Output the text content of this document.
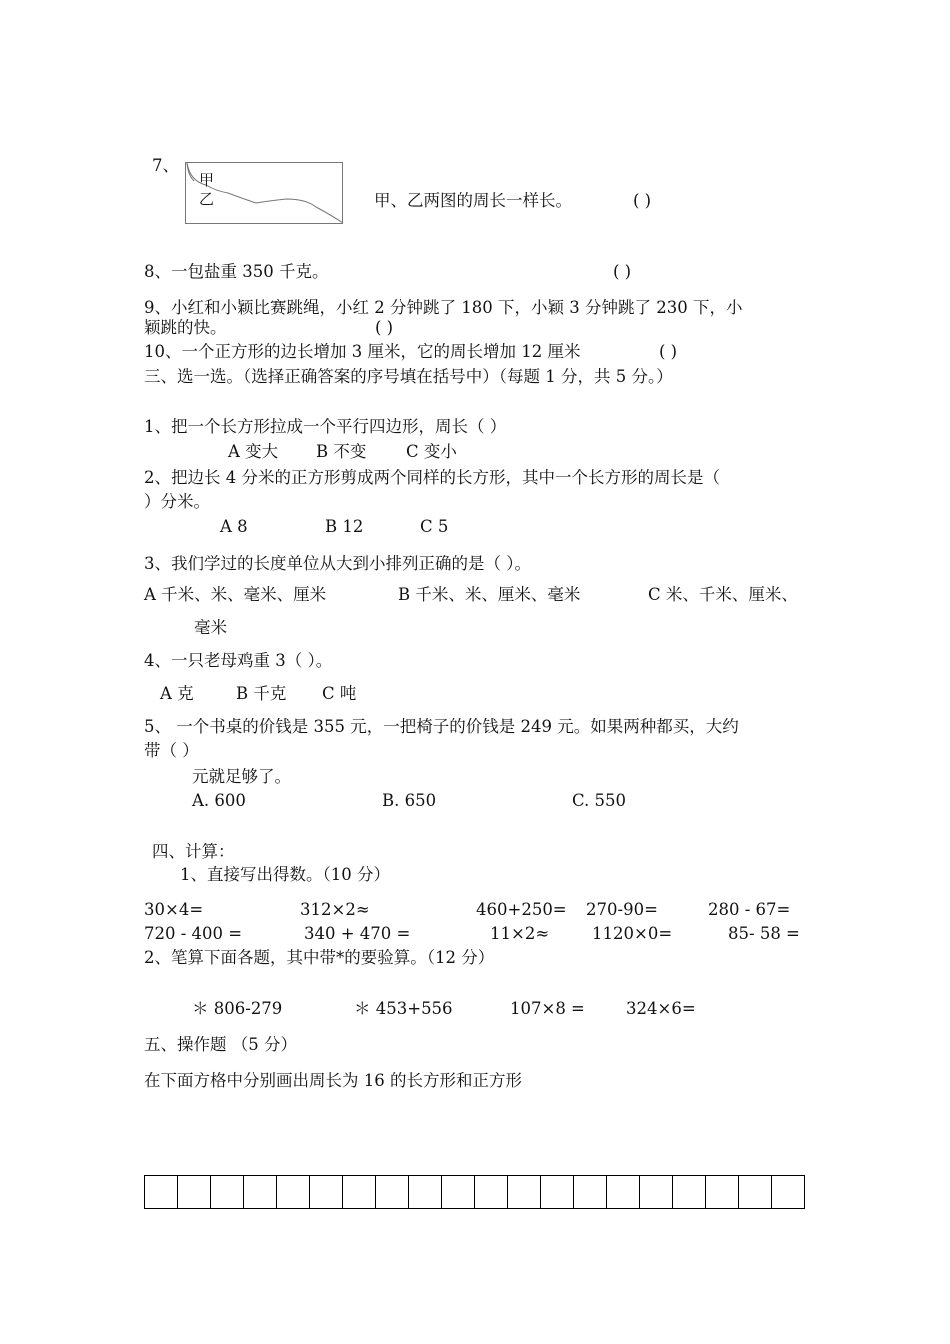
7、
甲
乙	甲、乙两图的周长一样长。	( )
8、一包盐重 350 千克。	( )
9、小红和小颖比赛跳绳，小红 2 分钟跳了 180 下，小颖 3 分钟跳了 230 下，小
颖跳的快。	( )
10、一个正方形的边长增加 3 厘米，它的周长增加 12 厘米	( )
三、选一选。（选择正确答案的序号填在括号中）（每题 1 分，共 5 分。）
1、把一个长方形拉成一个平行四边形，周长（ ）
A 变大 B 不变 C 变小
2、把边长 4 分米的正方形剪成两个同样的长方形，其中一个长方形的周长是（
）分米。
A 8	B 12	C 5
3、我们学过的长度单位从大到小排列正确的是（ ）。
A 千米、米、毫米、厘米	B 千米、米、厘米、毫米	C 米、千米、厘米、
毫米
4、一只老母鸡重 3（ ）。
A 克	B 千克 C 吨
5、 一个书桌的价钱是 355 元，一把椅子的价钱是 249 元。如果两种都买，大约
带（ ）
元就足够了。
A. 600	B. 650	C. 550
四、计算：
1、直接写出得数。（10 分）
30×4=	312×2≈	460+250= 270-90=	280 - 67=
720 - 400 =	340 + 470 =	11×2≈	1120×0=	85- 58 =
2、笔算下面各题，其中带*的要验算。（12 分）
＊ 806-279	＊ 453+556	107×8 = 324×6=
五、操作题 （5 分）
在下面方格中分别画出周长为 16 的长方形和正方形
